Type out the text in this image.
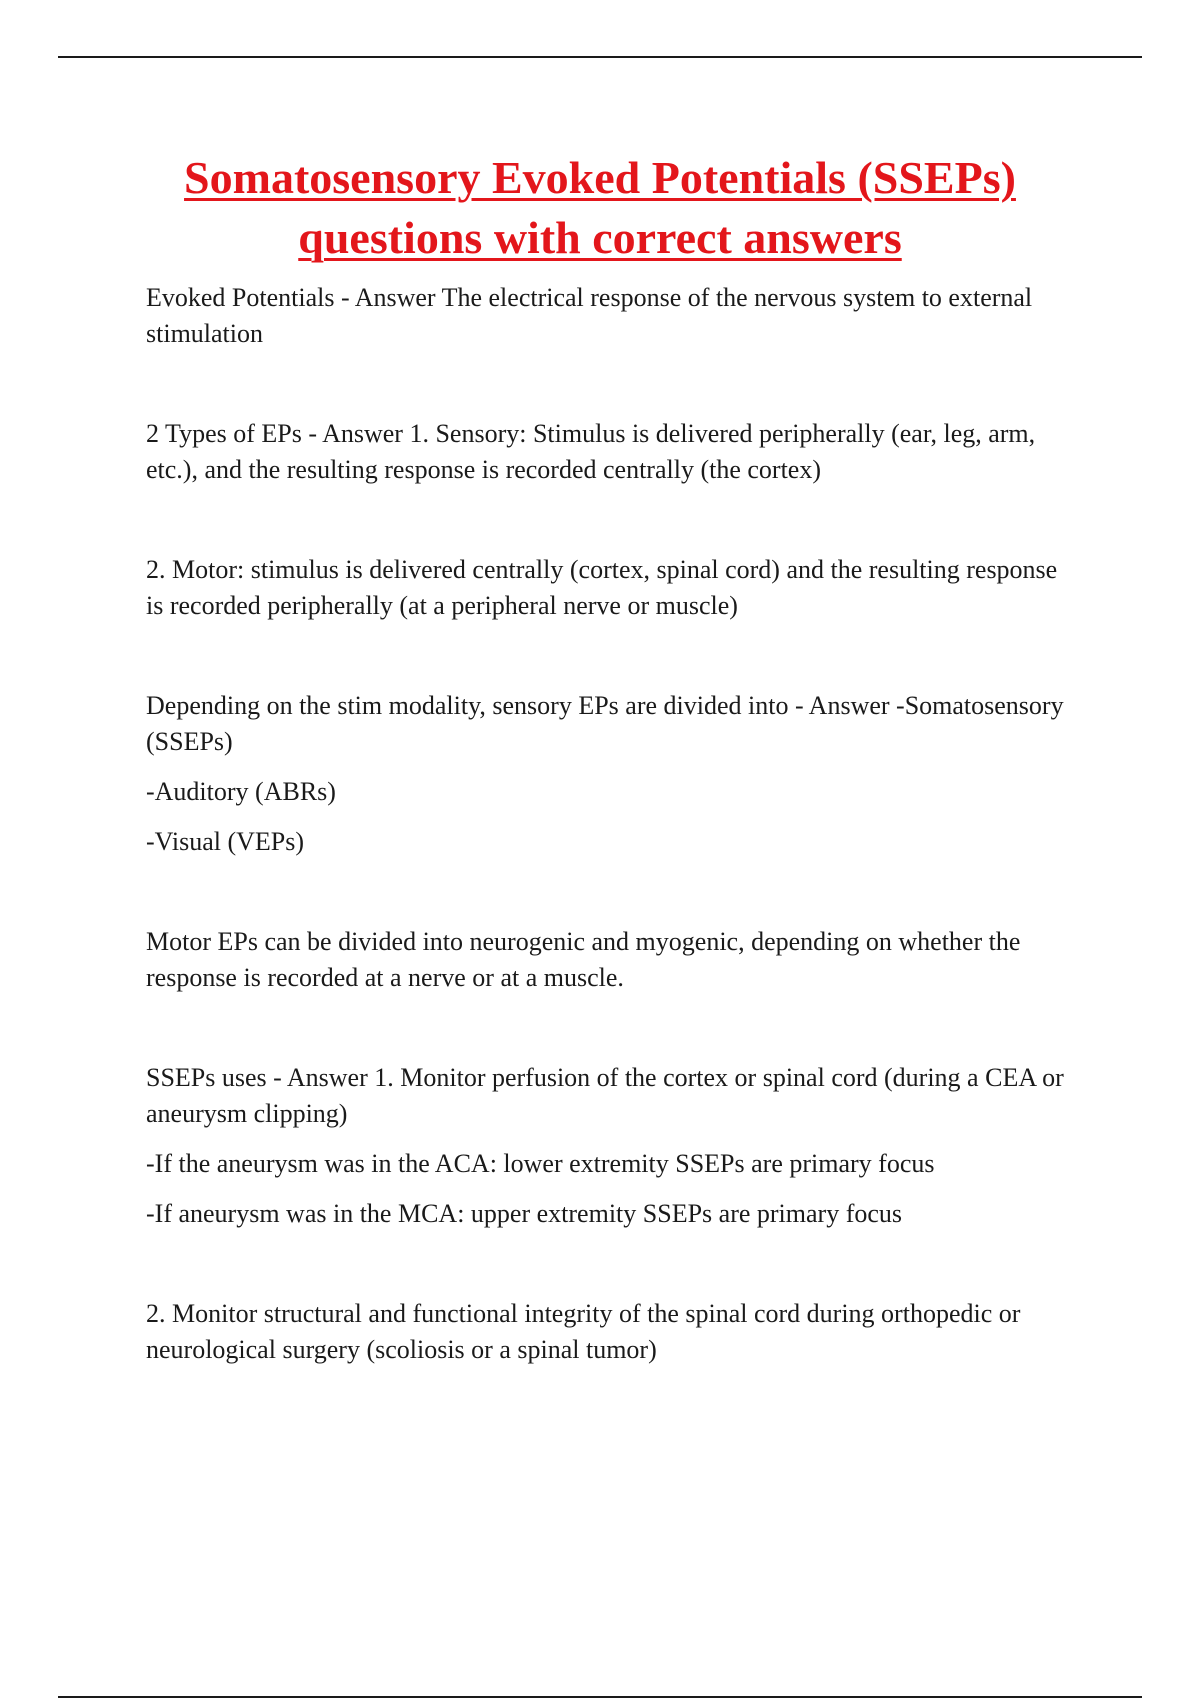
Somatosensory Evoked Potentials (SSEPs)
questions with correct answers

Evoked Potentials - Answer The electrical response of the nervous system to external stimulation

2 Types of EPs - Answer 1. Sensory: Stimulus is delivered peripherally (ear, leg, arm, etc.), and the resulting response is recorded centrally (the cortex)

2. Motor: stimulus is delivered centrally (cortex, spinal cord) and the resulting response is recorded peripherally (at a peripheral nerve or muscle)

Depending on the stim modality, sensory EPs are divided into - Answer -Somatosensory (SSEPs)

-Auditory (ABRs)

-Visual (VEPs)

Motor EPs can be divided into neurogenic and myogenic, depending on whether the response is recorded at a nerve or at a muscle.

SSEPs uses - Answer 1. Monitor perfusion of the cortex or spinal cord (during a CEA or aneurysm clipping)

-If the aneurysm was in the ACA: lower extremity SSEPs are primary focus

-If aneurysm was in the MCA: upper extremity SSEPs are primary focus

2. Monitor structural and functional integrity of the spinal cord during orthopedic or neurological surgery (scoliosis or a spinal tumor)
